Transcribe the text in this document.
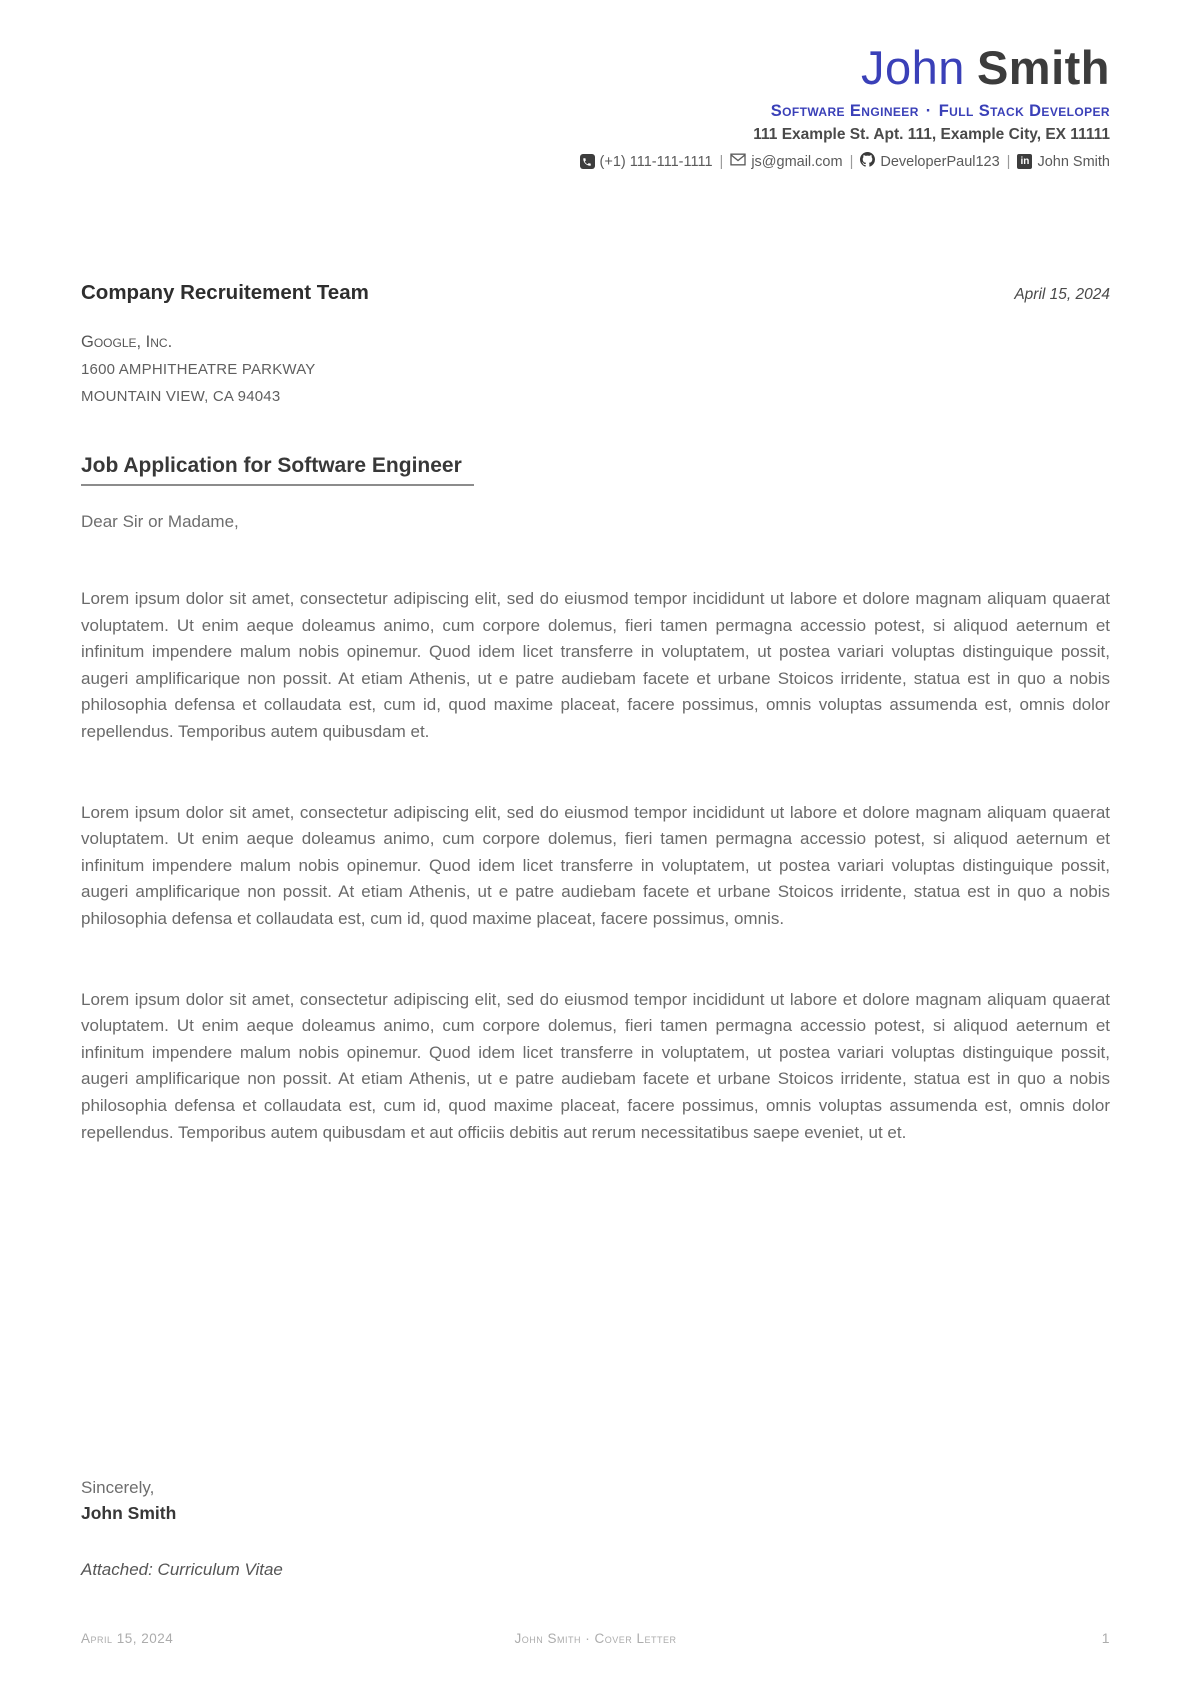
John Smith
Software Engineer · Full Stack Developer
111 Example St. Apt. 111, Example City, EX 11111
(+1) 111-111-1111 | js@gmail.com | DeveloperPaul123 |	in John Smith
Company Recruitement Team	April 15, 2024
Google, Inc.
1600 AMPHITHEATRE PARKWAY
MOUNTAIN VIEW, CA 94043
Job Application for Software Engineer
Dear Sir or Madame,

Lorem ipsum dolor sit amet, consectetur adipiscing elit, sed do eiusmod tempor incididunt ut labore et dolore magnam aliquam quaerat voluptatem. Ut enim aeque doleamus animo, cum corpore dolemus, fieri tamen permagna accessio potest, si aliquod aeternum et infinitum impendere malum nobis opinemur. Quod idem licet transferre in voluptatem, ut postea variari voluptas distinguique possit, augeri amplificarique non possit. At etiam Athenis, ut e patre audiebam facete et urbane Stoicos irridente, statua est in quo a nobis philosophia defensa et collaudata est, cum id, quod maxime placeat, facere possimus, omnis voluptas assumenda est, omnis dolor repellendus. Temporibus autem quibusdam et.

Lorem ipsum dolor sit amet, consectetur adipiscing elit, sed do eiusmod tempor incididunt ut labore et dolore magnam aliquam quaerat voluptatem. Ut enim aeque doleamus animo, cum corpore dolemus, fieri tamen permagna accessio potest, si aliquod aeternum et infinitum impendere malum nobis opinemur. Quod idem licet transferre in voluptatem, ut postea variari voluptas distinguique possit, augeri amplificarique non possit. At etiam Athenis, ut e patre audiebam facete et urbane Stoicos irridente, statua est in quo a nobis philosophia defensa et collaudata est, cum id, quod maxime placeat, facere possimus, omnis.

Lorem ipsum dolor sit amet, consectetur adipiscing elit, sed do eiusmod tempor incididunt ut labore et dolore magnam aliquam quaerat voluptatem. Ut enim aeque doleamus animo, cum corpore dolemus, fieri tamen permagna accessio potest, si aliquod aeternum et infinitum impendere malum nobis opinemur. Quod idem licet transferre in voluptatem, ut postea variari voluptas distinguique possit, augeri amplificarique non possit. At etiam Athenis, ut e patre audiebam facete et urbane Stoicos irridente, statua est in quo a nobis philosophia defensa et collaudata est, cum id, quod maxime placeat, facere possimus, omnis voluptas assumenda est, omnis dolor repellendus. Temporibus autem quibusdam et aut officiis debitis aut rerum necessitatibus saepe eveniet, ut et.

Sincerely,
John Smith
Attached: Curriculum Vitae
April 15, 2024	John Smith · Cover Letter	1
